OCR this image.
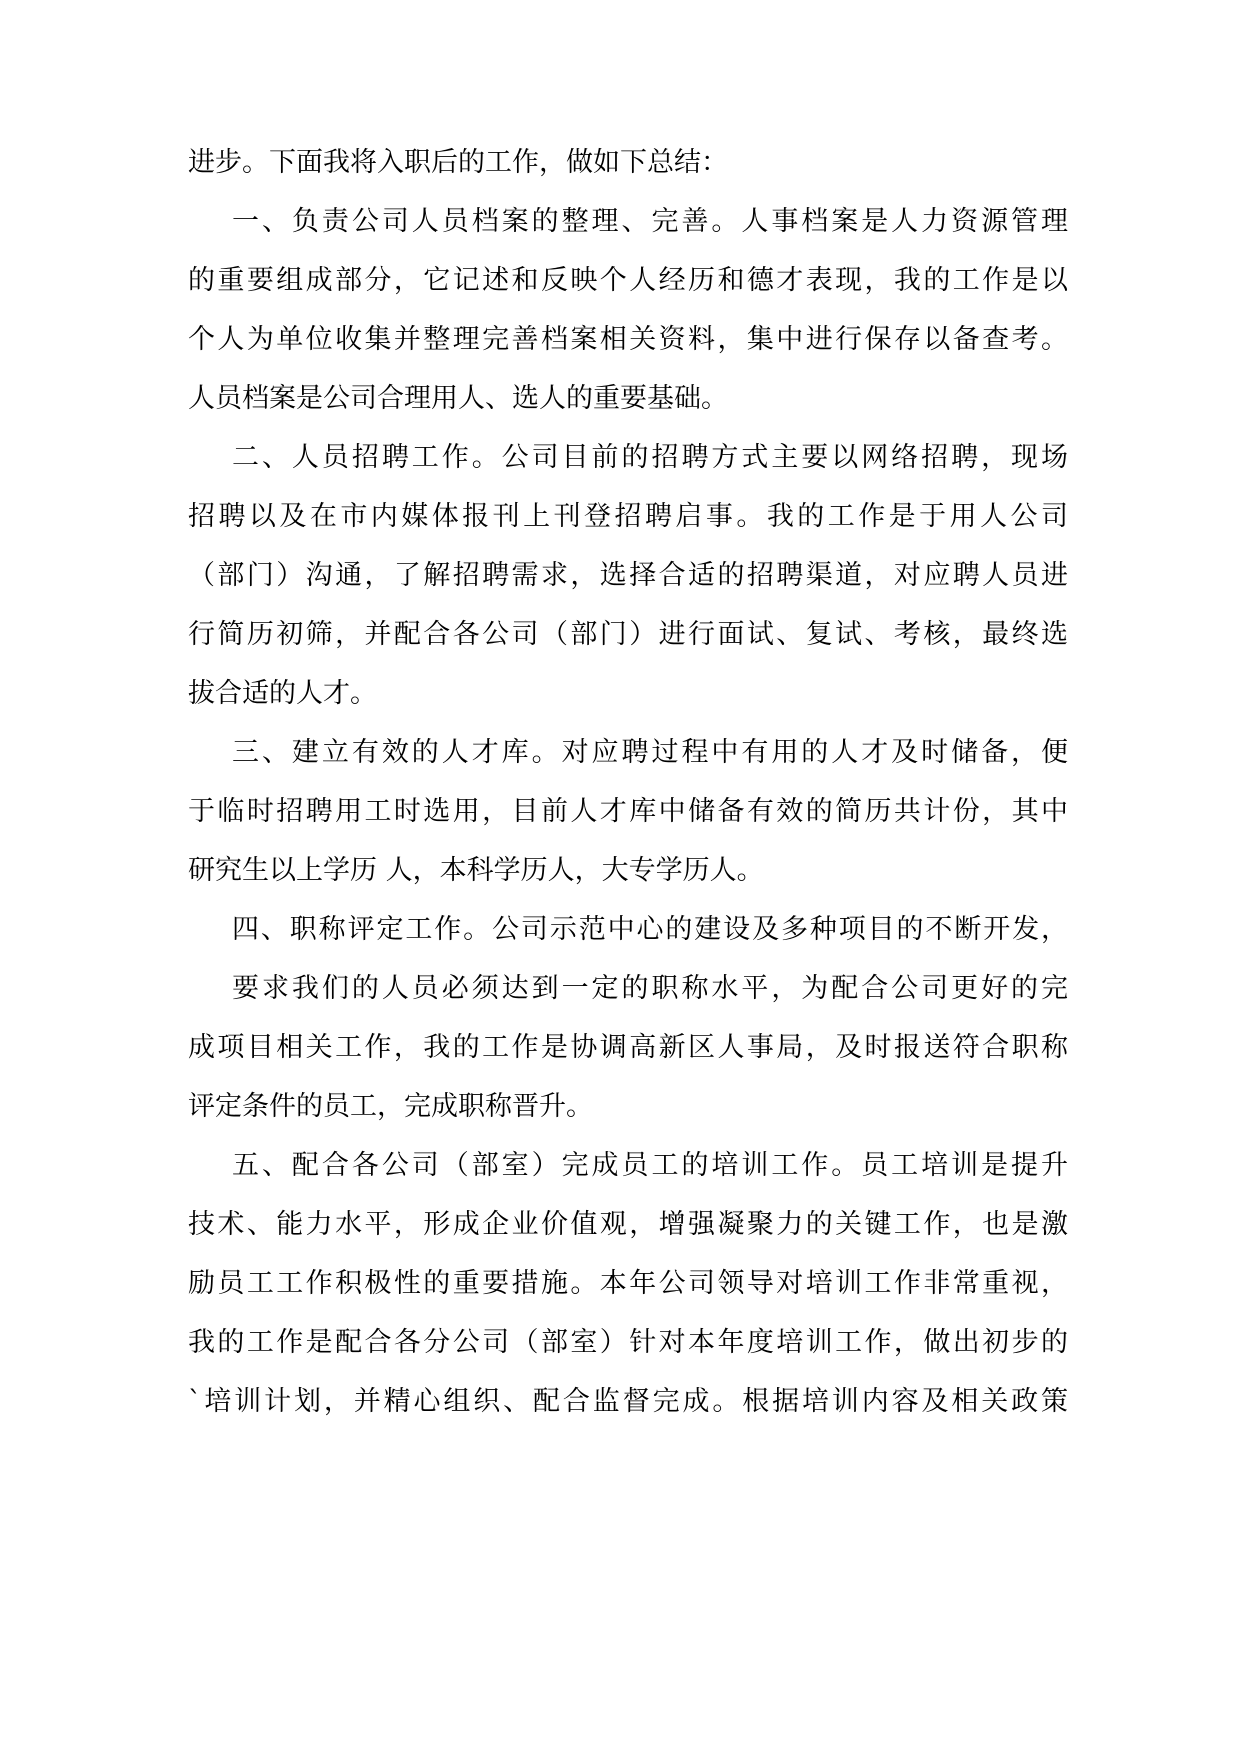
进步。下面我将入职后的工作，做如下总结：

一、负责公司人员档案的整理、完善。人事档案是人力资源管理

的重要组成部分，它记述和反映个人经历和德才表现，我的工作是以

个人为单位收集并整理完善档案相关资料，集中进行保存以备查考。

人员档案是公司合理用人、选人的重要基础。

二、人员招聘工作。公司目前的招聘方式主要以网络招聘，现场

招聘以及在市内媒体报刊上刊登招聘启事。我的工作是于用人公司

（部门）沟通，了解招聘需求，选择合适的招聘渠道，对应聘人员进

行简历初筛，并配合各公司（部门）进行面试、复试、考核，最终选

拔合适的人才。

三、建立有效的人才库。对应聘过程中有用的人才及时储备，便

于临时招聘用工时选用，目前人才库中储备有效的简历共计份，其中

研究生以上学历 人，本科学历人，大专学历人。

四、职称评定工作。公司示范中心的建设及多种项目的不断开发，

要求我们的人员必须达到一定的职称水平，为配合公司更好的完

成项目相关工作，我的工作是协调高新区人事局，及时报送符合职称

评定条件的员工，完成职称晋升。

五、配合各公司（部室）完成员工的培训工作。员工培训是提升

技术、能力水平，形成企业价值观，增强凝聚力的关键工作，也是激

励员工工作积极性的重要措施。本年公司领导对培训工作非常重视，

我的工作是配合各分公司（部室）针对本年度培训工作，做出初步的

`培训计划，并精心组织、配合监督完成。根据培训内容及相关政策
